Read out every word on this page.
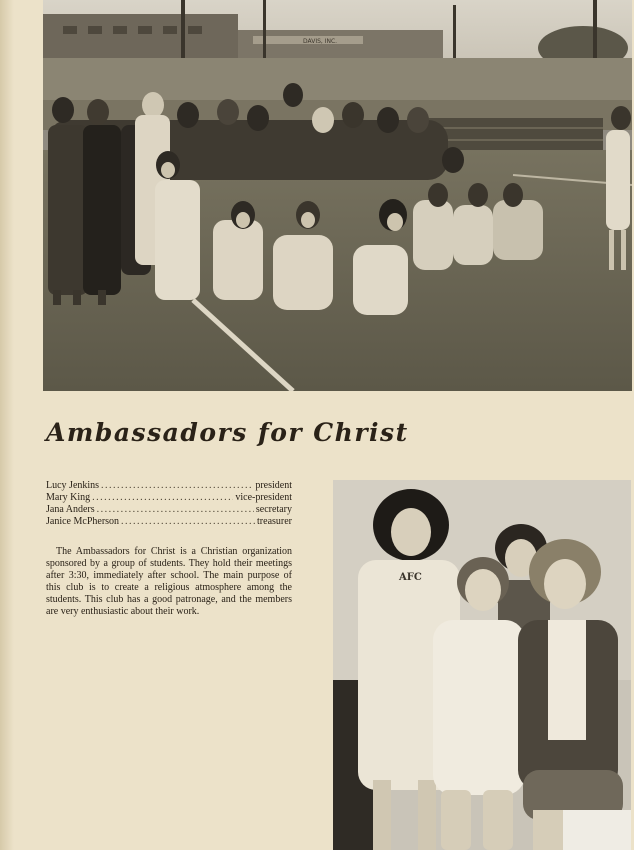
DAVIS, INC.
Ambassadors for Christ
Lucy Jenkins .....	president
Mary King .....	vice-president
Jana Anders .....	secretary
Janice McPherson .....	treasurer
The Ambassadors for Christ is a Christian organization sponsored by a group of students. They hold their meetings after 3:30, immediately after school. The main purpose of this club is to create a religious atmosphere among the students. This club has a good patronage, and the members are very enthusiastic about their work.
AFC
